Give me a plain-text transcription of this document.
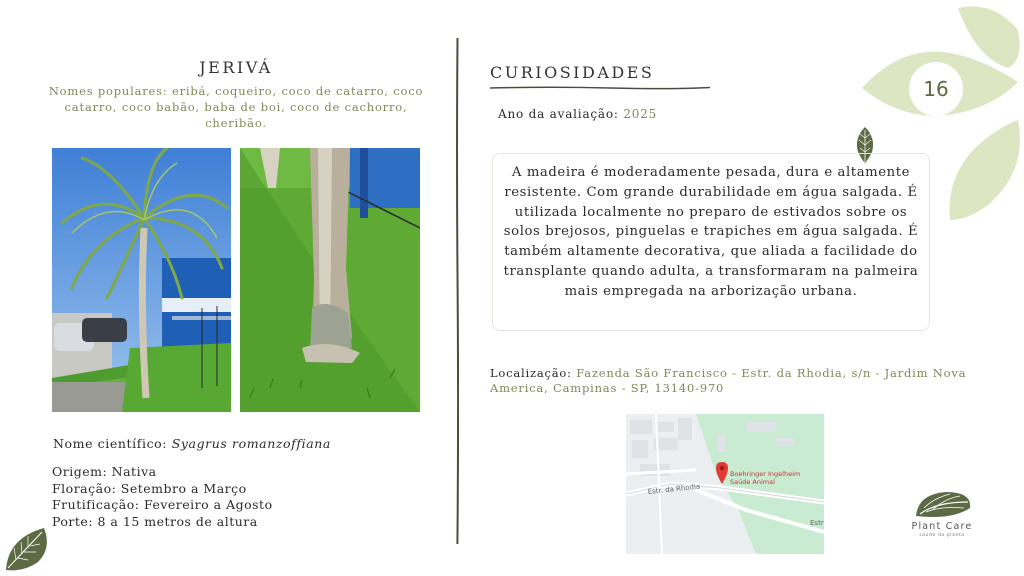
JERIVÁ
Nomes populares: eribá, coqueiro, coco de catarro, coco catarro, coco babão, baba de boi, coco de cachorro, cheribão.
Nome científico: Syagrus romanzoffiana
Origem: Nativa
Floração: Setembro a Março
Frutificação: Fevereiro a Agosto
Porte: 8 a 15 metros de altura
CURIOSIDADES
Ano da avaliação: 2025
A madeira é moderadamente pesada, dura e altamente resistente. Com grande durabilidade em água salgada. É utilizada localmente no preparo de estivados sobre os solos brejosos, pinguelas e trapiches em água salgada. É também altamente decorativa, que aliada a facilidade do transplante quando adulta, a transformaram na palmeira mais empregada na arborização urbana.
Localização: Fazenda São Francisco - Estr. da Rhodia, s/n - Jardim Nova America, Campinas - SP, 13140-970
Estr. da Rhodia
Estr
Boehringer Ingelheim
Saúde Animal
16
Plant Care
saúde da planta
